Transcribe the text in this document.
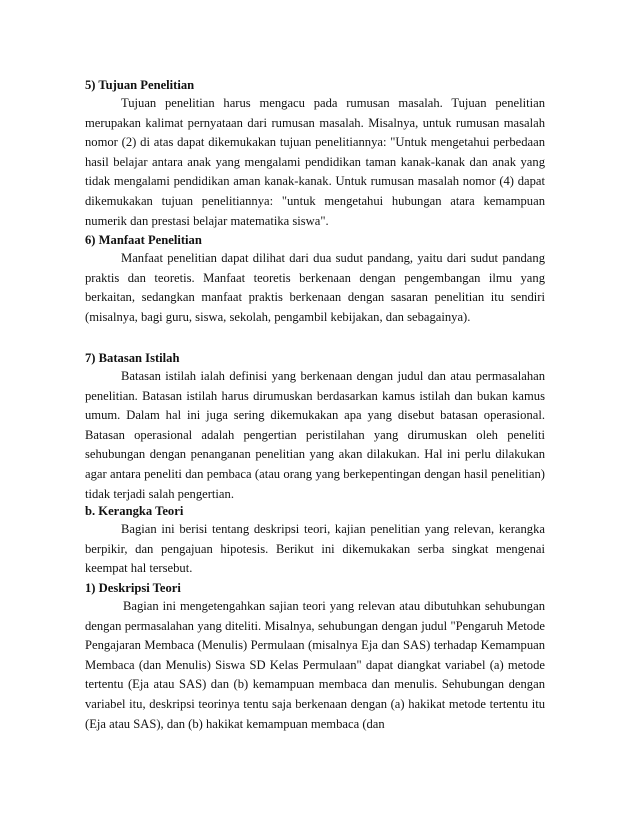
5) Tujuan Penelitian

Tujuan penelitian harus mengacu pada rumusan masalah. Tujuan penelitian merupakan kalimat pernyataan dari rumusan masalah. Misalnya, untuk rumusan masalah nomor (2) di atas dapat dikemukakan tujuan penelitiannya: "Untuk mengetahui perbedaan hasil belajar antara anak yang mengalami pendidikan taman kanak-kanak dan anak yang tidak mengalami pendidikan aman kanak-kanak. Untuk rumusan masalah nomor (4) dapat dikemukakan tujuan penelitiannya: "untuk mengetahui hubungan atara kemampuan numerik dan prestasi belajar matematika siswa".

6) Manfaat Penelitian

Manfaat penelitian dapat dilihat dari dua sudut pandang, yaitu dari sudut pandang praktis dan teoretis. Manfaat teoretis berkenaan dengan pengembangan ilmu yang berkaitan, sedangkan manfaat praktis berkenaan dengan sasaran penelitian itu sendiri (misalnya, bagi guru, siswa, sekolah, pengambil kebijakan, dan sebagainya).

7) Batasan Istilah

Batasan istilah ialah definisi yang berkenaan dengan judul dan atau permasalahan penelitian. Batasan istilah harus dirumuskan berdasarkan kamus istilah dan bukan kamus umum. Dalam hal ini juga sering dikemukakan apa yang disebut batasan operasional. Batasan operasional adalah pengertian peristilahan yang dirumuskan oleh peneliti sehubungan dengan penanganan penelitian yang akan dilakukan. Hal ini perlu dilakukan agar antara peneliti dan pembaca (atau orang yang berkepentingan dengan hasil penelitian) tidak terjadi salah pengertian.

b. Kerangka Teori

Bagian ini berisi tentang deskripsi teori, kajian penelitian yang relevan, kerangka berpikir, dan pengajuan hipotesis. Berikut ini dikemukakan serba singkat mengenai keempat hal tersebut.

1) Deskripsi Teori

Bagian ini mengetengahkan sajian teori yang relevan atau dibutuhkan sehubungan dengan permasalahan yang diteliti. Misalnya, sehubungan dengan judul "Pengaruh Metode Pengajaran Membaca (Menulis) Permulaan (misalnya Eja dan SAS) terhadap Kemampuan Membaca (dan Menulis) Siswa SD Kelas Permulaan" dapat diangkat variabel (a) metode tertentu (Eja atau SAS) dan (b) kemampuan membaca dan menulis. Sehubungan dengan variabel itu, deskripsi teorinya tentu saja berkenaan dengan (a) hakikat metode tertentu itu (Eja atau SAS), dan (b) hakikat kemampuan membaca (dan
